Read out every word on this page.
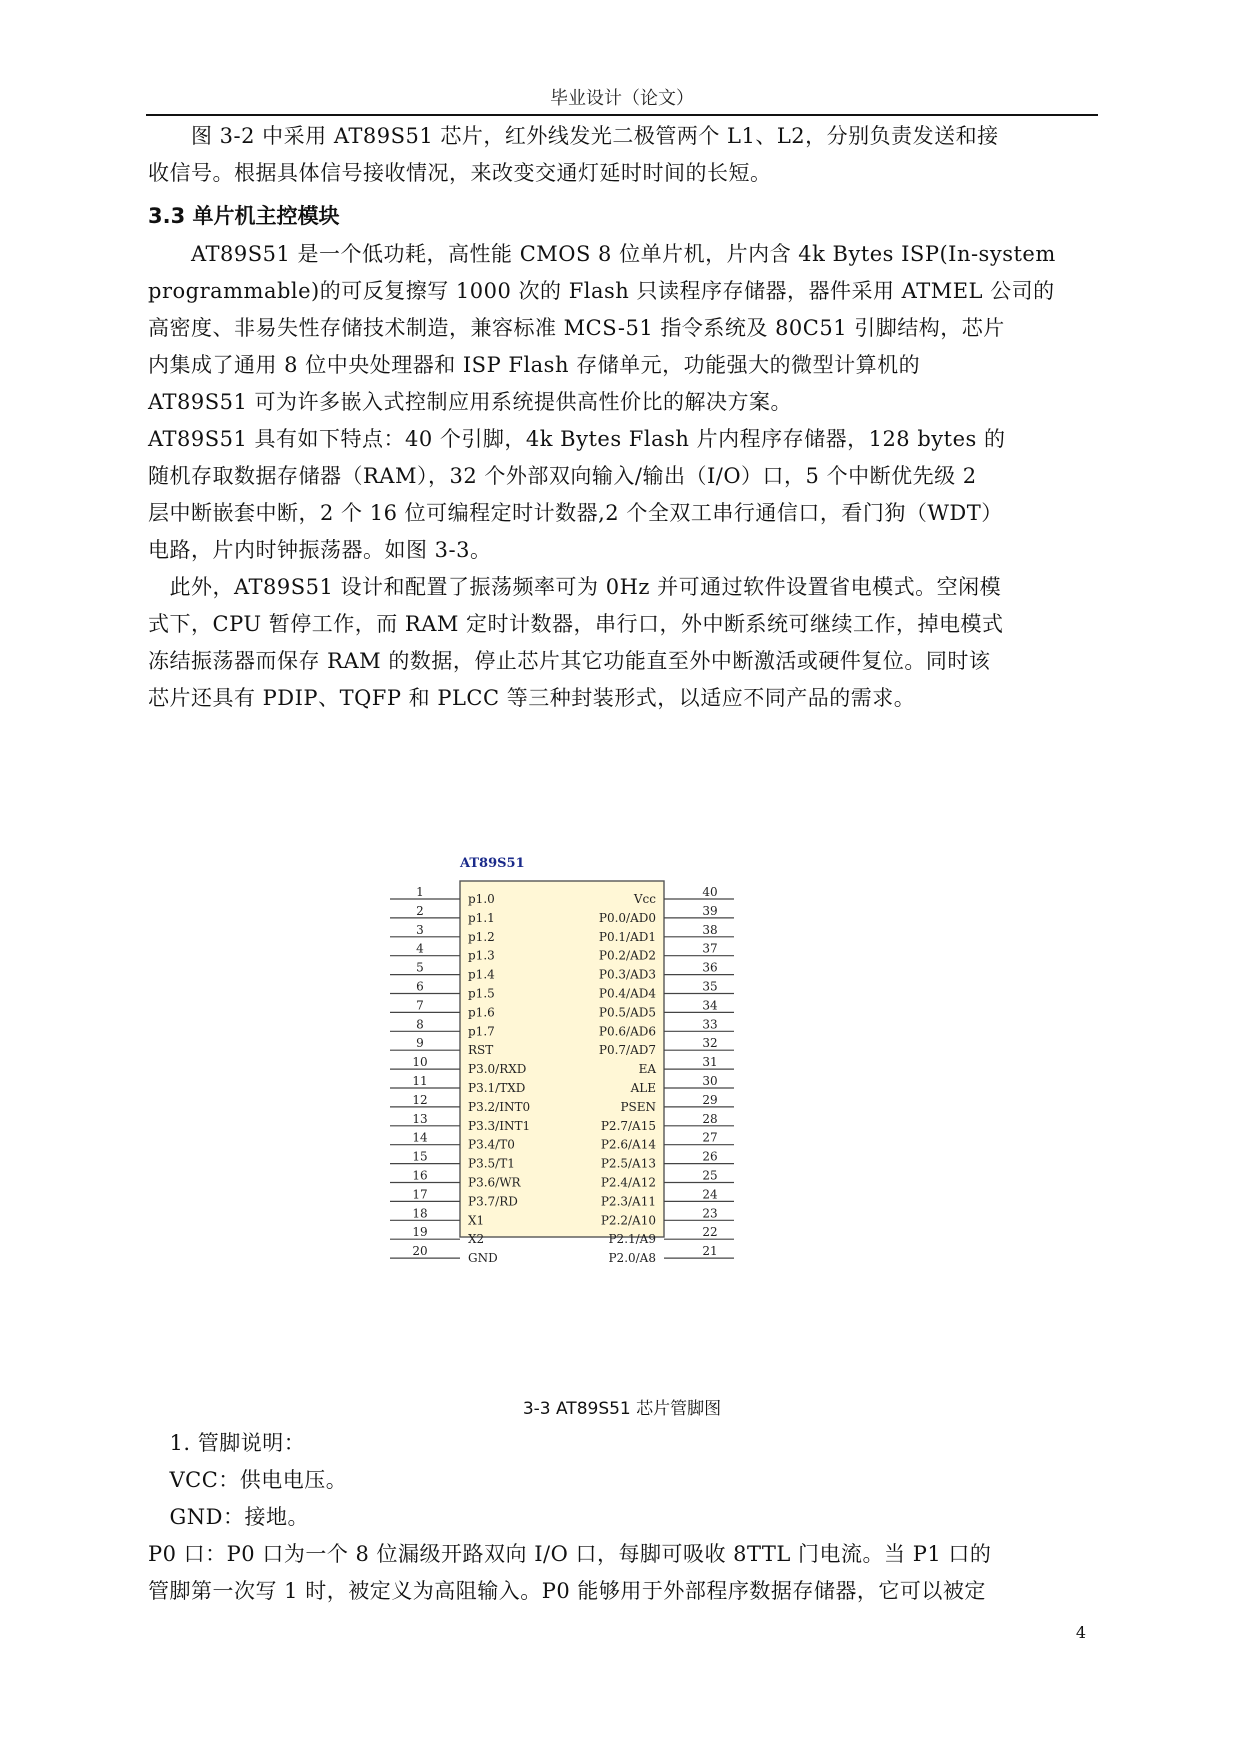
毕业设计（论文）
　　图 3-2 中采用 AT89S51 芯片，红外线发光二极管两个 L1、L2，分别负责发送和接
收信号。根据具体信号接收情况，来改变交通灯延时时间的长短。
3.3 单片机主控模块
　　AT89S51 是一个低功耗，高性能 CMOS 8 位单片机，片内含 4k Bytes ISP(In-system
programmable)的可反复擦写 1000 次的 Flash 只读程序存储器，器件采用 ATMEL 公司的
高密度、非易失性存储技术制造，兼容标准 MCS-51 指令系统及 80C51 引脚结构，芯片
内集成了通用 8 位中央处理器和 ISP Flash 存储单元，功能强大的微型计算机的
AT89S51 可为许多嵌入式控制应用系统提供高性价比的解决方案。
AT89S51 具有如下特点：40 个引脚，4k Bytes Flash 片内程序存储器，128 bytes 的
随机存取数据存储器（RAM），32 个外部双向输入/输出（I/O）口，5 个中断优先级 2
层中断嵌套中断，2 个 16 位可编程定时计数器,2 个全双工串行通信口，看门狗（WDT）
电路，片内时钟振荡器。如图 3-3。
　此外，AT89S51 设计和配置了振荡频率可为 0Hz 并可通过软件设置省电模式。空闲模
式下，CPU 暂停工作，而 RAM 定时计数器，串行口，外中断系统可继续工作，掉电模式
冻结振荡器而保存 RAM 的数据，停止芯片其它功能直至外中断激活或硬件复位。同时该
芯片还具有 PDIP、TQFP 和 PLCC 等三种封装形式，以适应不同产品的需求。
AT89S51
1	p1.0
2	p1.1
3	p1.2
4	p1.3
5	p1.4
6	p1.5
7	p1.6
8	p1.7
9	RST
10	P3.0/RXD
11	P3.1/TXD
12	P3.2/INT0
13	P3.3/INT1
14	P3.4/T0
15	P3.5/T1
16	P3.6/WR
17	P3.7/RD
18	X1
19	X2
20	GND
40
Vcc
39
P0.0/AD0
38
P0.1/AD1
37
P0.2/AD2
36
P0.3/AD3
35
P0.4/AD4
34
P0.5/AD5
33
P0.6/AD6
32
P0.7/AD7
31
EA
30
ALE
29
PSEN
28
P2.7/A15
27
P2.6/A14
26
P2.5/A13
25
P2.4/A12
24
P2.3/A11
23
P2.2/A10
22
P2.1/A9
21
P2.0/A8
3-3 AT89S51 芯片管脚图
　1. 管脚说明：
　VCC：供电电压。
　GND：接地。
P0 口：P0 口为一个 8 位漏级开路双向 I/O 口，每脚可吸收 8TTL 门电流。当 P1 口的
管脚第一次写 1 时，被定义为高阻输入。P0 能够用于外部程序数据存储器，它可以被定
4
